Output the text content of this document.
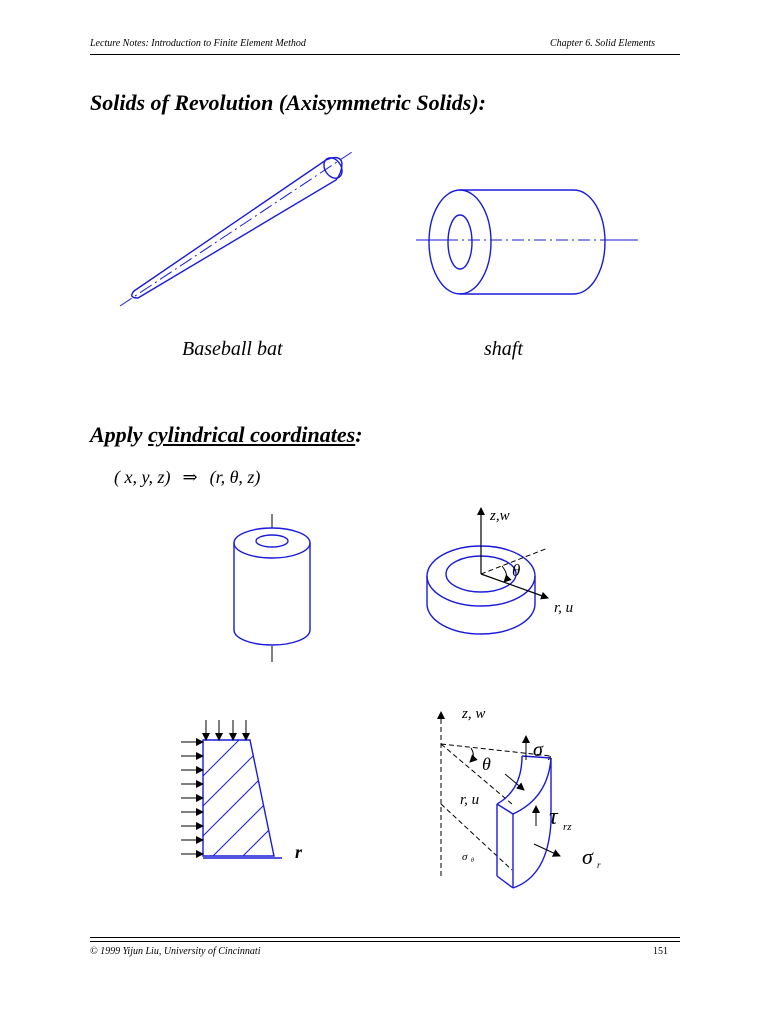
Lecture Notes: Introduction to Finite Element Method	Chapter 6. Solid Elements
Solids of Revolution (Axisymmetric Solids):
Baseball bat	shaft
Apply cylindrical coordinates:
( x, y, z) ⇒ (r, θ, z)
z,w
θ
r, u
r
z, w
θ
r, u
σ z
τ rz
σ θ	σ r
© 1999 Yijun Liu, University of Cincinnati	151
